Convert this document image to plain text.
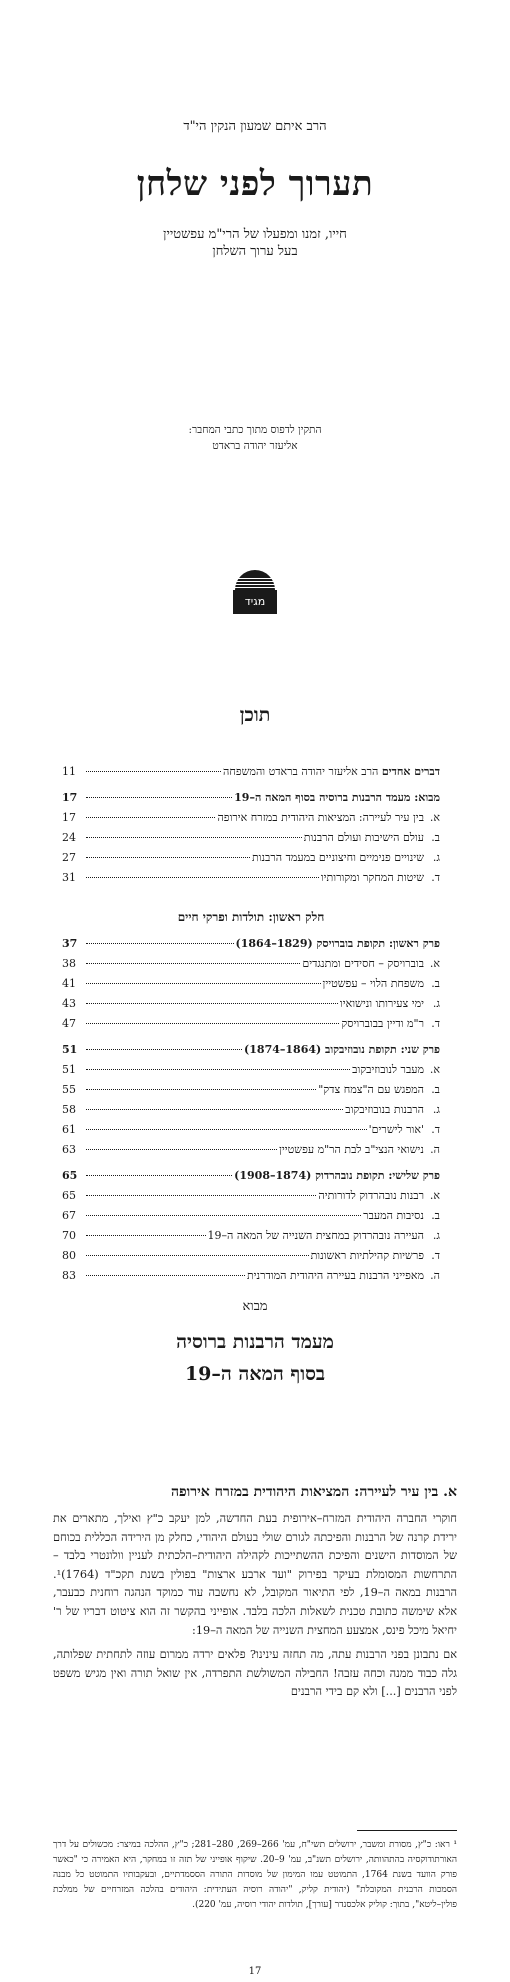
הרב איתם שמעון הנקין הי"ד
תערוך לפני שלחן
חייו, זמנו ומפעלו של הרי"מ עפשטיין
בעל ערוך השלחן
התקין לדפוס מתוך כתבי המחבר:
אליעזר יהודה בראדט
מגיד
תוכן
דברים אחדים הרב אליעזר יהודה בראדט והמשפחה
11
מבוא: מעמד הרבנות ברוסיה בסוף המאה ה–19
17
א.
בין עיר לעיירה: המציאות היהודית במזרח אירופה
17
ב.
עולם הישיבות ועולם הרבנות
24
ג.
שינויים פנימיים וחיצוניים במעמד הרבנות
27
ד.
שיטות המחקר ומקורותיו
31
חלק ראשון: תולדות ופרקי חיים
פרק ראשון: תקופת בוברויסק (1829–1864)
37
א.
בוברויסק – חסידים ומתנגדים
38
ב.
משפחת הלוי – עפשטיין
41
ג.
ימי צעירותו ונישואיו
43
ד.
ר"מ ודיין בבוברויסק
47
פרק שני: תקופת נובוזיבקוב (1864–1874)
51
א.
מעבר לנובוזיבקוב
51
ב.
המפגש עם ה"צמח צדק"
55
ג.
הרבנות בנובוזיבקוב
58
ד.
'אור לישרים'
61
ה.
נישואי הנצי"ב לבת הר"מ עפשטיין
63
פרק שלישי: תקופת נובהרדוק (1874–1908)
65
א.
רבנות נובהרדוק לדורותיה
65
ב.
נסיבות המעבר
67
ג.
העיירה נובהרדוק במחצית השנייה של המאה ה–19
70
ד.
פרשיות קהילתיות ראשונות
80
ה.
מאפייני הרבנות בעיירה היהודית המודרנית
83
מבוא
מעמד הרבנות ברוסיה
בסוף המאה ה–19
א. בין עיר לעיירה: המציאות היהודית במזרח אירופה

חוקרי החברה היהודית המזרח–אירופית בעת החדשה, למן יעקב כ"ץ ואילך, מתארים את ירידת קרנה של הרבנות והפיכתה לגורם שולי בעולם היהודי, כחלק מן הירידה הכללית בכוחם של המוסדות הישנים והפיכת ההשתייכות לקהילה היהודית–הלכתית לעניין וולונטרי בלבד – התרחשות המסומלת בעיקר בפירוק "ועד ארבע ארצות" בפולין בשנת תקכ"ד (1764)¹. הרבנות במאה ה–19, לפי התיאור המקובל, לא נחשבה עוד כמוקד הנהגה רוחנית כבעבר, אלא שימשה כתובת טכנית לשאלות הלכה בלבד. אופייני בהקשר זה הוא ציטוט דבריו של ר' יחיאל מיכל פינס, אמצעע המחצית השנייה של המאה ה–19:

אם נתבונן בפני הרבנות עתה, מה תחזה עינינו? פלאים ירדה ממרום עוזה לתחתית שפלותה, גלה כבוד ממנה וכחה עזבה! החבילה המשולשת התפרדה, אין שואל תורה ואין מגיש משפט לפני הרבנים [...] ולא קם בידי הרבנים

¹ ראו: כ"ץ, מסורת ומשבר, ירושלים תשי"ח, עמ' 266–269, 280–281; כ"ץ, ההלכה במיצר: מכשולים על דרך האורתודוקסיה בהתהוותה, ירושלים תשנ"ב, עמ' 9–20. שיקוף אופייני של תזה זו במחקר, היא האמירה כי "כאשר פורק הוועד בשנת 1764, התמוטט עמו המימון של מוסדות התורה הססמדתיים, ובעקבותיו התמוטט כל מבנה הסמכות הרבנית המקובלת" (יהודית קליק, "יהודה רוסיה העתידית: היהודים בהלכה המזרחיים של ממלכת פולין–ליטא", בתוך: קוליק אלכסנדר [עורך], תולדות יהודי רוסיה, עמ' 220).
17
